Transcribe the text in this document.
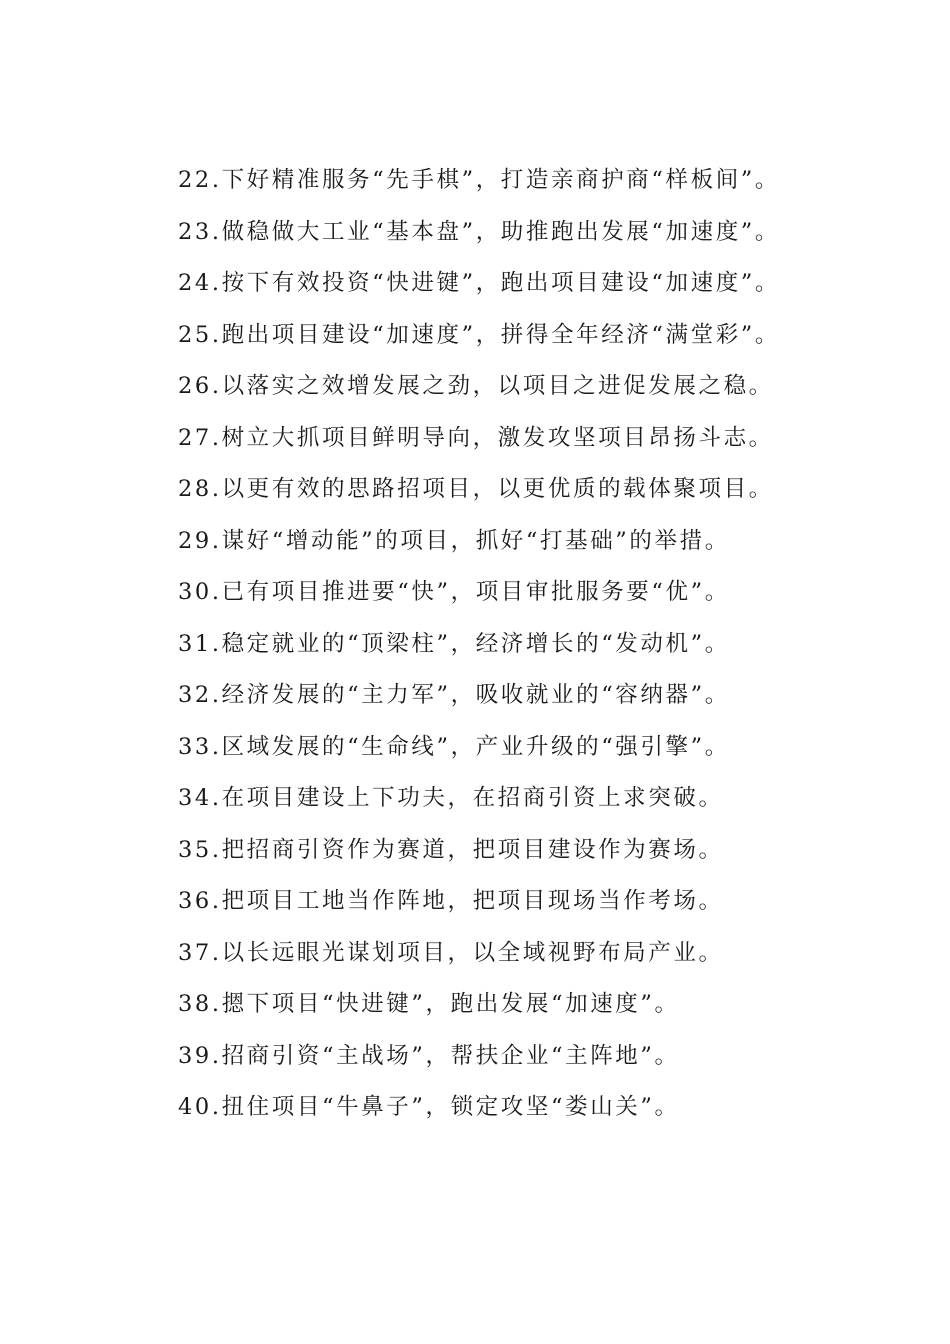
22.下好精准服务“先手棋”，打造亲商护商“样板间”。
23.做稳做大工业“基本盘”，助推跑出发展“加速度”。
24.按下有效投资“快进键”，跑出项目建设“加速度”。
25.跑出项目建设“加速度”，拼得全年经济“满堂彩”。
26.以落实之效增发展之劲，以项目之进促发展之稳。
27.树立大抓项目鲜明导向，激发攻坚项目昂扬斗志。
28.以更有效的思路招项目，以更优质的载体聚项目。
29.谋好“增动能”的项目，抓好“打基础”的举措。
30.已有项目推进要“快”，项目审批服务要“优”。
31.稳定就业的“顶梁柱”，经济增长的“发动机”。
32.经济发展的“主力军”，吸收就业的“容纳器”。
33.区域发展的“生命线”，产业升级的“强引擎”。
34.在项目建设上下功夫，在招商引资上求突破。
35.把招商引资作为赛道，把项目建设作为赛场。
36.把项目工地当作阵地，把项目现场当作考场。
37.以长远眼光谋划项目，以全域视野布局产业。
38.摁下项目“快进键”，跑出发展“加速度”。
39.招商引资“主战场”，帮扶企业“主阵地”。
40.扭住项目“牛鼻子”，锁定攻坚“娄山关”。
